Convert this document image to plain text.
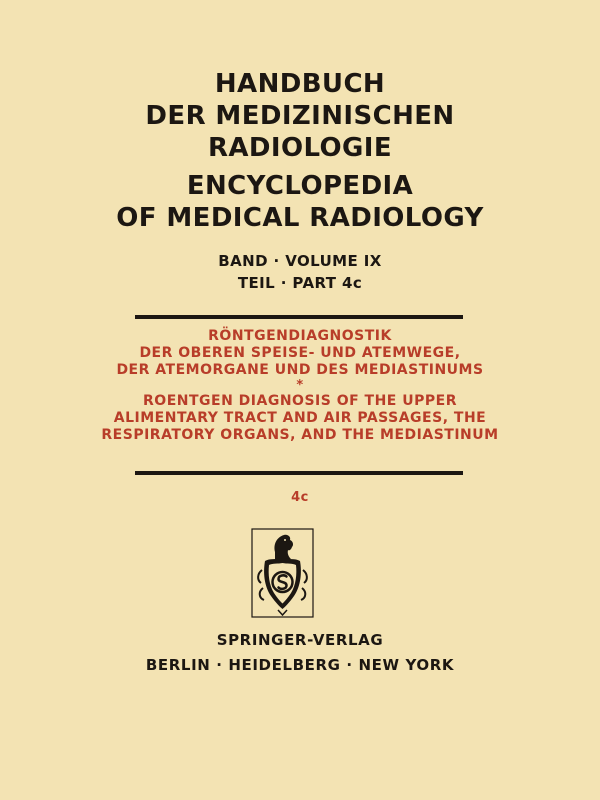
HANDBUCH
DER MEDIZINISCHEN
RADIOLOGIE
ENCYCLOPEDIA
OF MEDICAL RADIOLOGY
BAND · VOLUME IX
TEIL · PART 4c
RÖNTGENDIAGNOSTIK
DER OBEREN SPEISE- UND ATEMWEGE,
DER ATEMORGANE UND DES MEDIASTINUMS
*
ROENTGEN DIAGNOSIS OF THE UPPER
ALIMENTARY TRACT AND AIR PASSAGES, THE
RESPIRATORY ORGANS, AND THE MEDIASTINUM
4c
SPRINGER-VERLAG
BERLIN · HEIDELBERG · NEW YORK
